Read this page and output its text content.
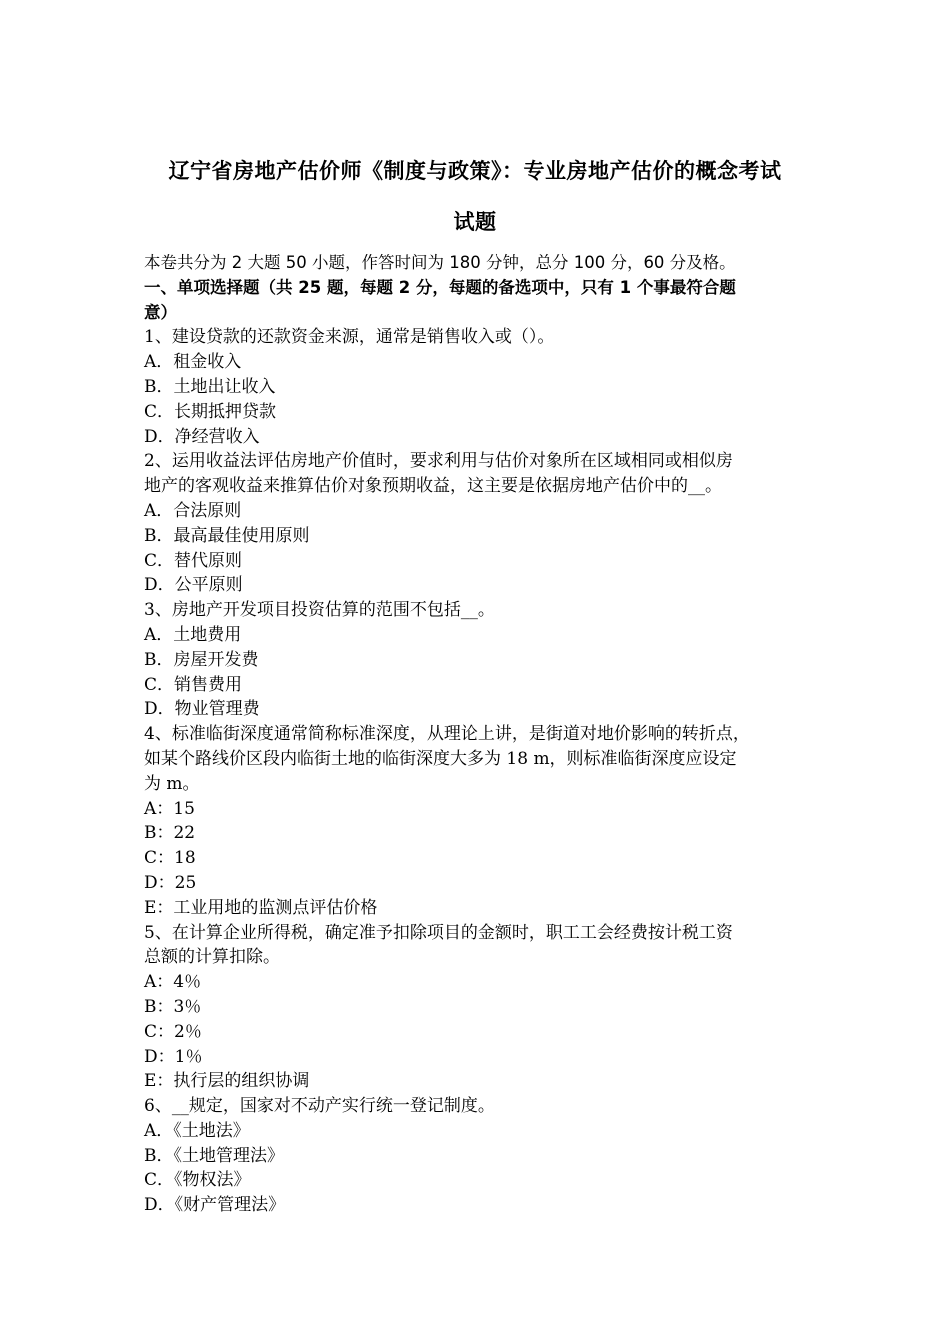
辽宁省房地产估价师《制度与政策》：专业房地产估价的概念考试
试题
本卷共分为 2 大题 50 小题，作答时间为 180 分钟，总分 100 分，60 分及格。
一、单项选择题（共 25 题，每题 2 分，每题的备选项中，只有 1 个事最符合题
意）
1、建设贷款的还款资金来源，通常是销售收入或（）。
A．租金收入
B．土地出让收入
C．长期抵押贷款
D．净经营收入
2、运用收益法评估房地产价值时，要求利用与估价对象所在区域相同或相似房
地产的客观收益来推算估价对象预期收益，这主要是依据房地产估价中的__。
A．合法原则
B．最高最佳使用原则
C．替代原则
D．公平原则
3、房地产开发项目投资估算的范围不包括__。
A．土地费用
B．房屋开发费
C．销售费用
D．物业管理费
4、标准临街深度通常简称标准深度，从理论上讲，是街道对地价影响的转折点，
如某个路线价区段内临街土地的临街深度大多为 18 m，则标准临街深度应设定
为 m。
A：15
B：22
C：18
D：25
E：工业用地的监测点评估价格
5、在计算企业所得税，确定准予扣除项目的金额时，职工工会经费按计税工资
总额的计算扣除。
A：4％
B：3％
C：2％
D：1％
E：执行层的组织协调
6、__规定，国家对不动产实行统一登记制度。
A．《土地法》
B．《土地管理法》
C．《物权法》
D．《财产管理法》
